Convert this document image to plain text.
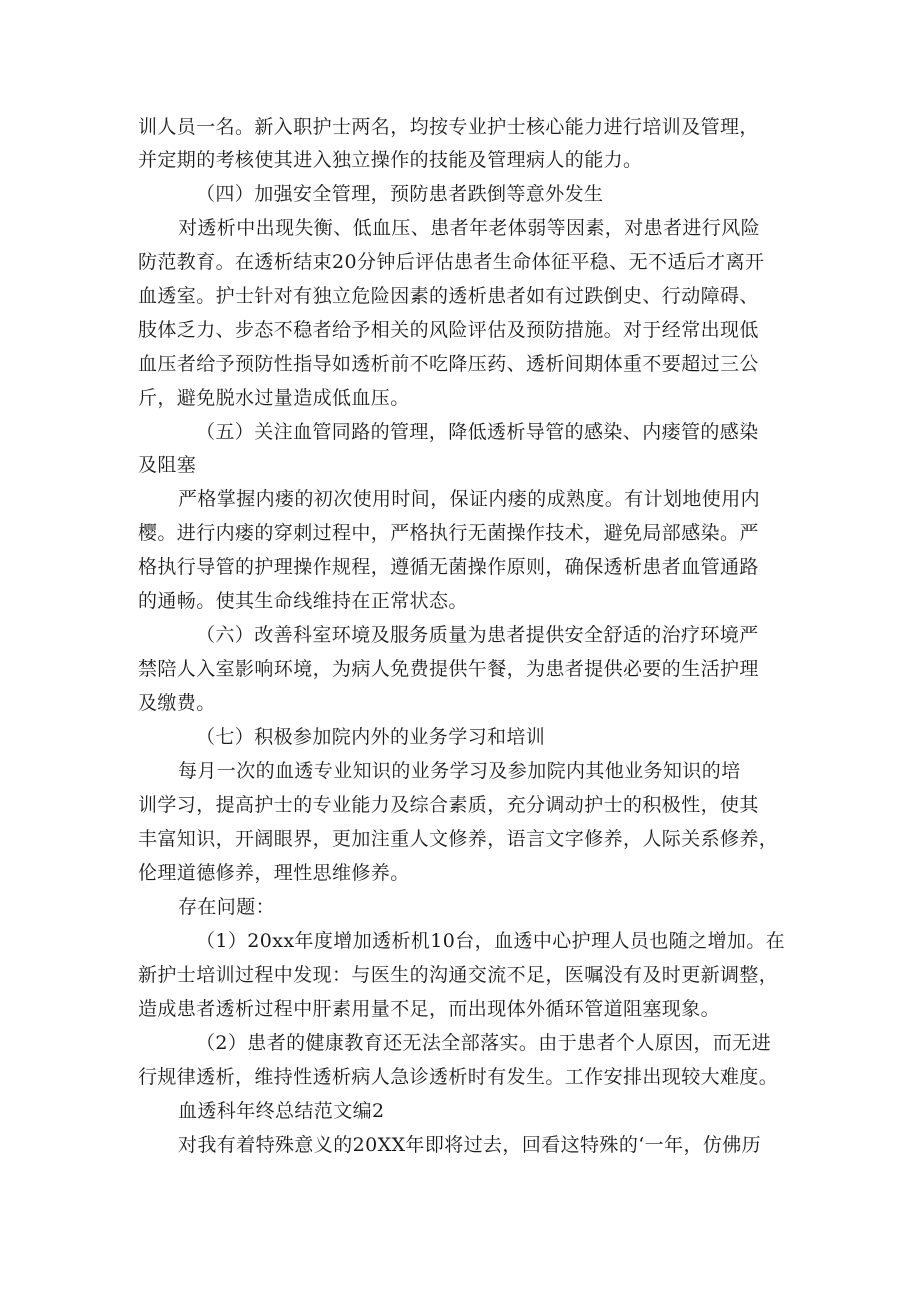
训人员一名。新入职护士两名，均按专业护士核心能力进行培训及管理，
并定期的考核使其进入独立操作的技能及管理病人的能力。
（四）加强安全管理，预防患者跌倒等意外发生
对透析中出现失衡、低血压、患者年老体弱等因素，对患者进行风险
防范教育。在透析结束20分钟后评估患者生命体征平稳、无不适后才离开
血透室。护士针对有独立危险因素的透析患者如有过跌倒史、行动障碍、
肢体乏力、步态不稳者给予相关的风险评估及预防措施。对于经常出现低
血压者给予预防性指导如透析前不吃降压药、透析间期体重不要超过三公
斤，避免脱水过量造成低血压。
（五）关注血管同路的管理，降低透析导管的感染、内瘘管的感染
及阻塞
严格掌握内瘘的初次使用时间，保证内瘘的成熟度。有计划地使用内
樱。进行内瘘的穿刺过程中，严格执行无菌操作技术，避免局部感染。严
格执行导管的护理操作规程，遵循无菌操作原则，确保透析患者血管通路
的通畅。使其生命线维持在正常状态。
（六）改善科室环境及服务质量为患者提供安全舒适的治疗环境严
禁陪人入室影响环境，为病人免费提供午餐，为患者提供必要的生活护理
及缴费。
（七）积极参加院内外的业务学习和培训
每月一次的血透专业知识的业务学习及参加院内其他业务知识的培
训学习，提高护士的专业能力及综合素质，充分调动护士的积极性，使其
丰富知识，开阔眼界，更加注重人文修养，语言文字修养，人际关系修养，
伦理道德修养，理性思维修养。
存在问题：
（1）20xx年度增加透析机10台，血透中心护理人员也随之增加。在
新护士培训过程中发现：与医生的沟通交流不足，医嘱没有及时更新调整，
造成患者透析过程中肝素用量不足，而出现体外循环管道阻塞现象。
（2）患者的健康教育还无法全部落实。由于患者个人原因，而无进
行规律透析，维持性透析病人急诊透析时有发生。工作安排出现较大难度。
血透科年终总结范文编2
对我有着特殊意义的20XX年即将过去，回看这特殊的‘一年，仿佛历
